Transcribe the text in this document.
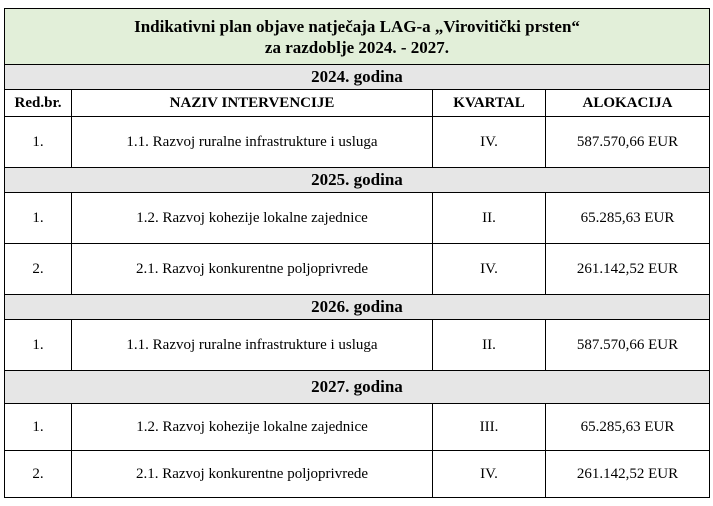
Indikativni plan objave natječaja LAG-a „Virovitički prsten“
za razdoblje 2024. - 2027.			

2024. godina			
Red.br.	NAZIV INTERVENCIJE	KVARTAL	ALOKACIJA
1.	1.1. Razvoj ruralne infrastrukture i usluga	IV.	587.570,66 EUR
2025. godina			
1.	1.2. Razvoj kohezije lokalne zajednice	II.	65.285,63 EUR
2.	2.1. Razvoj konkurentne poljoprivrede	IV.	261.142,52 EUR
2026. godina			
1.	1.1. Razvoj ruralne infrastrukture i usluga	II.	587.570,66 EUR
2027. godina			
1.	1.2. Razvoj kohezije lokalne zajednice	III.	65.285,63 EUR
2.	2.1. Razvoj konkurentne poljoprivrede	IV.	261.142,52 EUR
